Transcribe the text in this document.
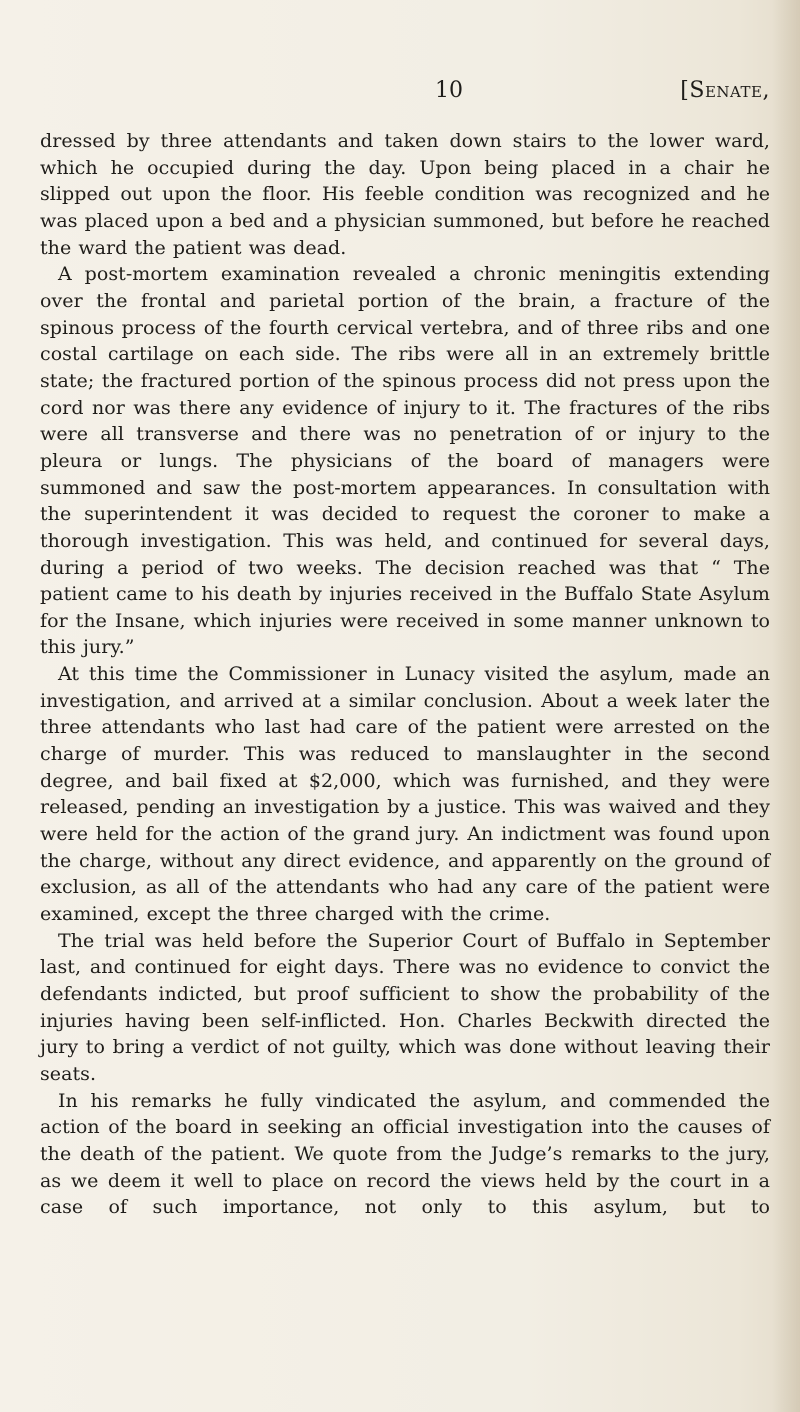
10	[Senate,

dressed by three attendants and taken down stairs to the lower ward, which he occupied during the day. Upon being placed in a chair he slipped out upon the floor. His feeble condition was recognized and he was placed upon a bed and a physician summoned, but before he reached the ward the patient was dead.

A post-mortem examination revealed a chronic meningitis extending over the frontal and parietal portion of the brain, a fracture of the spinous process of the fourth cervical vertebra, and of three ribs and one costal cartilage on each side. The ribs were all in an extremely brittle state; the fractured portion of the spinous process did not press upon the cord nor was there any evidence of injury to it. The fractures of the ribs were all transverse and there was no penetration of or injury to the pleura or lungs. The physicians of the board of managers were summoned and saw the post-mortem appearances. In consultation with the superintendent it was decided to request the coroner to make a thorough investigation. This was held, and continued for several days, during a period of two weeks. The decision reached was that “ The patient came to his death by injuries received in the Buffalo State Asylum for the Insane, which injuries were received in some manner unknown to this jury.”

At this time the Commissioner in Lunacy visited the asylum, made an investigation, and arrived at a similar conclusion. About a week later the three attendants who last had care of the patient were arrested on the charge of murder. This was reduced to manslaughter in the second degree, and bail fixed at $2,000, which was furnished, and they were released, pending an investigation by a justice. This was waived and they were held for the action of the grand jury. An indictment was found upon the charge, without any direct evidence, and apparently on the ground of exclusion, as all of the attendants who had any care of the patient were examined, except the three charged with the crime.

The trial was held before the Superior Court of Buffalo in September last, and continued for eight days. There was no evidence to convict the defendants indicted, but proof sufficient to show the probability of the injuries having been self-inflicted. Hon. Charles Beckwith directed the jury to bring a verdict of not guilty, which was done without leaving their seats.

In his remarks he fully vindicated the asylum, and commended the action of the board in seeking an official investigation into the causes of the death of the patient. We quote from the Judge’s remarks to the jury, as we deem it well to place on record the views held by the court in a case of such importance, not only to this asylum, but to
